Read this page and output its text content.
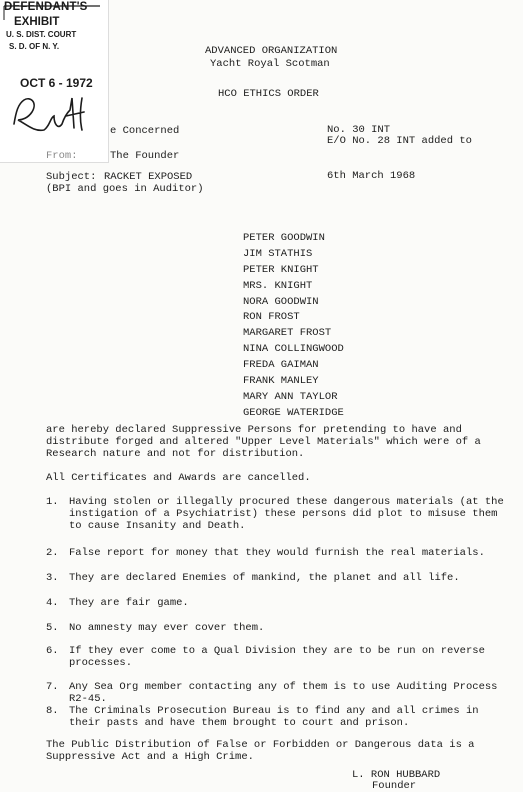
DEFENDANT'S
EXHIBIT
U. S. DIST. COURT
S. D. OF N. Y.
OCT 6 - 1972
ADVANCED ORGANIZATION
Yacht Royal Scotman
HCO ETHICS ORDER
e Concerned
From:	The Founder
Subject: RACKET EXPOSED
(BPI and goes in Auditor)
No. 30 INT
E/O No. 28 INT added to
6th March 1968
PETER GOODWIN
JIM STATHIS
PETER KNIGHT
MRS. KNIGHT
NORA GOODWIN
RON FROST
MARGARET FROST
NINA COLLINGWOOD
FREDA GAIMAN
FRANK MANLEY
MARY ANN TAYLOR
GEORGE WATERIDGE
are hereby declared Suppressive Persons for pretending to have and distribute forged and altered "Upper Level Materials" which were of a Research nature and not for distribution.
All Certificates and Awards are cancelled.
1. Having stolen or illegally procured these dangerous materials (at the instigation of a Psychiatrist) these persons did plot to misuse them to cause Insanity and Death.
2. False report for money that they would furnish the real materials.
3. They are declared Enemies of mankind, the planet and all life.
4. They are fair game.
5. No amnesty may ever cover them.
6. If they ever come to a Qual Division they are to be run on reverse processes.
7. Any Sea Org member contacting any of them is to use Auditing Process R2-45.
8. The Criminals Prosecution Bureau is to find any and all crimes in their pasts and have them brought to court and prison.
The Public Distribution of False or Forbidden or Dangerous data is a Suppressive Act and a High Crime.
L. RON HUBBARD
Founder
